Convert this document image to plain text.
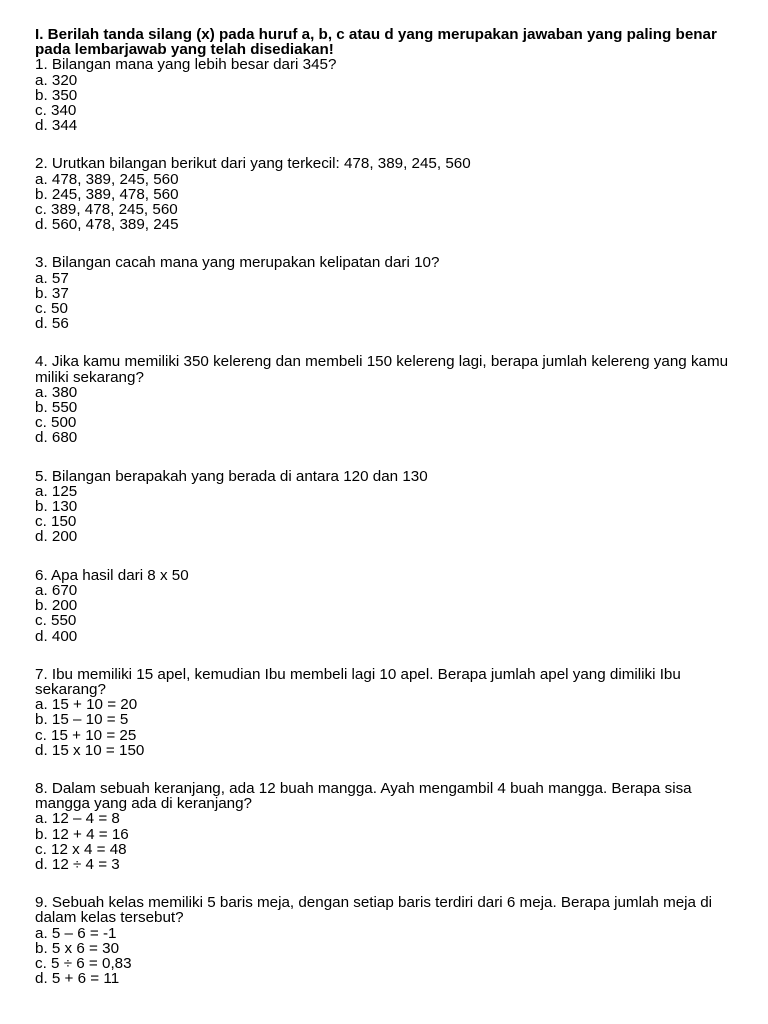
I. Berilah tanda silang (x) pada huruf a, b, c atau d yang merupakan jawaban yang paling benar pada lembarjawab yang telah disediakan!

1. Bilangan mana yang lebih besar dari 345?
a. 320
b. 350
c. 340
d. 344
2. Urutkan bilangan berikut dari yang terkecil: 478, 389, 245, 560
a. 478, 389, 245, 560
b. 245, 389, 478, 560
c. 389, 478, 245, 560
d. 560, 478, 389, 245
3. Bilangan cacah mana yang merupakan kelipatan dari 10?
a. 57
b. 37
c. 50
d. 56
4. Jika kamu memiliki 350 kelereng dan membeli 150 kelereng lagi, berapa jumlah kelereng yang kamu miliki sekarang?
a. 380
b. 550
c. 500
d. 680
5. Bilangan berapakah yang berada di antara 120 dan 130
a. 125
b. 130
c. 150
d. 200
6. Apa hasil dari 8 x 50
a. 670
b. 200
c. 550
d. 400
7. Ibu memiliki 15 apel, kemudian Ibu membeli lagi 10 apel. Berapa jumlah apel yang dimiliki Ibu sekarang?
a. 15 + 10 = 20
b. 15 – 10 = 5
c. 15 + 10 = 25
d. 15 x 10 = 150
8. Dalam sebuah keranjang, ada 12 buah mangga. Ayah mengambil 4 buah mangga. Berapa sisa mangga yang ada di keranjang?
a. 12 – 4 = 8
b. 12 + 4 = 16
c. 12 x 4 = 48
d. 12 ÷ 4 = 3
9. Sebuah kelas memiliki 5 baris meja, dengan setiap baris terdiri dari 6 meja. Berapa jumlah meja di dalam kelas tersebut?
a. 5 – 6 = -1
b. 5 x 6 = 30
c. 5 ÷ 6 = 0,83
d. 5 + 6 = 11
